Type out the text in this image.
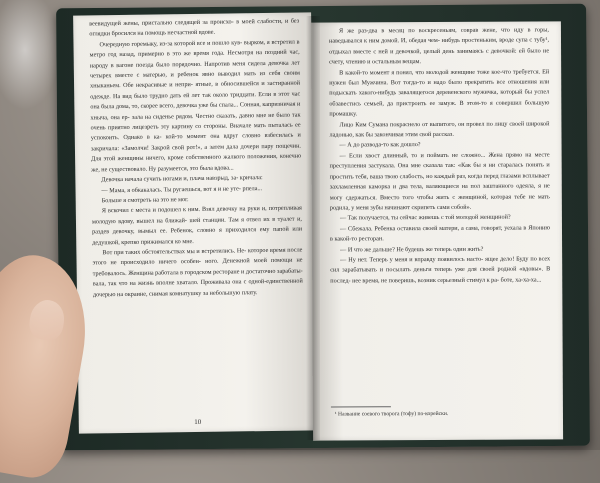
веевидущей жены, пристально следящей за происхо- в моей слабости, и без оглядки бросился на помощь несчастной вдове.

Очередную горемыку, из-за которой все и пошло кув- вырком, я встретил в метро год назад, примерно в это же время года. Несмотря на поздний час, народу в вагоне поезда было порядочно. Напротив меня сидела девочка лет четырех вместе с матерью, и ребенок явно выводил мать из себя своим хныканьем. Обе некрасивые и непри- ятные, в обносившейся и застиранной одежде. На вид было трудно дать ей лет так около тридцати. Если в этот час она была дома, то, скорее всего, девочка уже бы спала... Сонная, капризничая и хныча, она ер- зала на сиденье рядом. Честно сказать, давно мне не было так очень приятно лицезреть эту картину со стороны. Вначале мать пыталась ее успокоить. Однако в ка- кой-то момент она вдруг словно взбесилась и закричала: «Замолчи! Закрой свой рот!», а затем дала дочери пару пощечин. Для этой женщины ничего, кроме собственного жалкого положения, конечно же, не существовало. Ну разумеется, это была вдова...

Девочка начала сучить ногами и, плача навзрыд, за- кричала:

— Мама, я обкакалась. Ты ругаешься, вот я и не уте- рпела...

Больше я смотреть на это не мог.

Я вскочил с места и подошел к ним. Взял девочку на руки и, потрепливая молодую вдову, вышел на ближай- шей станции. Там я отвел их в туалет и, раздев девочку, вымыл ее. Ребенок, словно я приходился ему папой или дедушкой, крепко прижимался ко мне.

Вот при таких обстоятельствах мы и встретились. Не- которое время после этого не происходило ничего особен- ного. Денежной моей помощи не требовалось. Женщина работала в городском ресторане и достаточно зарабаты- вала, так что на жизнь вполне хватало. Проживала она с одной-единственной дочерью на окраине, снимая комнатушку за небольшую плату.

10

Я же раз-два в месяц по воскресеньям, соврав жене, что иду в горы, наведывался к ним домой. И, обедая чем- нибудь простеньким, вроде супа с тубу¹, отдыхал вместе с ней и девочкой, целый день занимаясь с девочкой: ей было не счету, чтению и остальным вещам.

В какой-то момент я понял, что молодой женщине тоже кое-что требуется. Ей нужен был Мужчина. Вот тогда-то и надо было прекратить все отношения или подыскать хакого-нибудь завалящегося деревенского мужичка, который бы успел обзавестись семьей, да пристроить ее замуж. В этом-то я совершил большую промашку.

Лицо Ким Сумана покраснело от выпитого, он провел по лицу своей широкой ладонью, как бы закончивая этим свой рассказ.

— А до развода-то как дошло?

— Если хвост длинный, то и поймать не сложно... Жена прямо на месте преступления застукала. Она мне сказала так: «Как бы я ни старалась понять и простить тебя, ваша твою слабость, но каждый раз, когда перед глазами всплывает захламленная каморка и два тела, валяющиеся на пол заштанного одеяла, я не могу сдержаться. Вместо того чтобы жить с женщиной, которая тебе не мать родила, у меня зубы начинают скрипеть сами собой».

— Так получается, ты сейчас живешь с той молодой женщиной?

— Сбежала. Ребенка оставила своей матери, а сама, говорят, уехала в Японию в какой-то ресторан.

— И что же дальше? Не будешь же теперь один жить?

— Ну нет. Теперь у меня и вправду появилось насто- ящее дело! Буду по всех сил зарабатывать и посылать деньги теперь уже для своей родной «вдовы». В послед- нее время, не поверишь, возник серьезный стимул к ра- боте, ха-ха-ха...

¹ Название соевого творога (тофу) по-корейски.
